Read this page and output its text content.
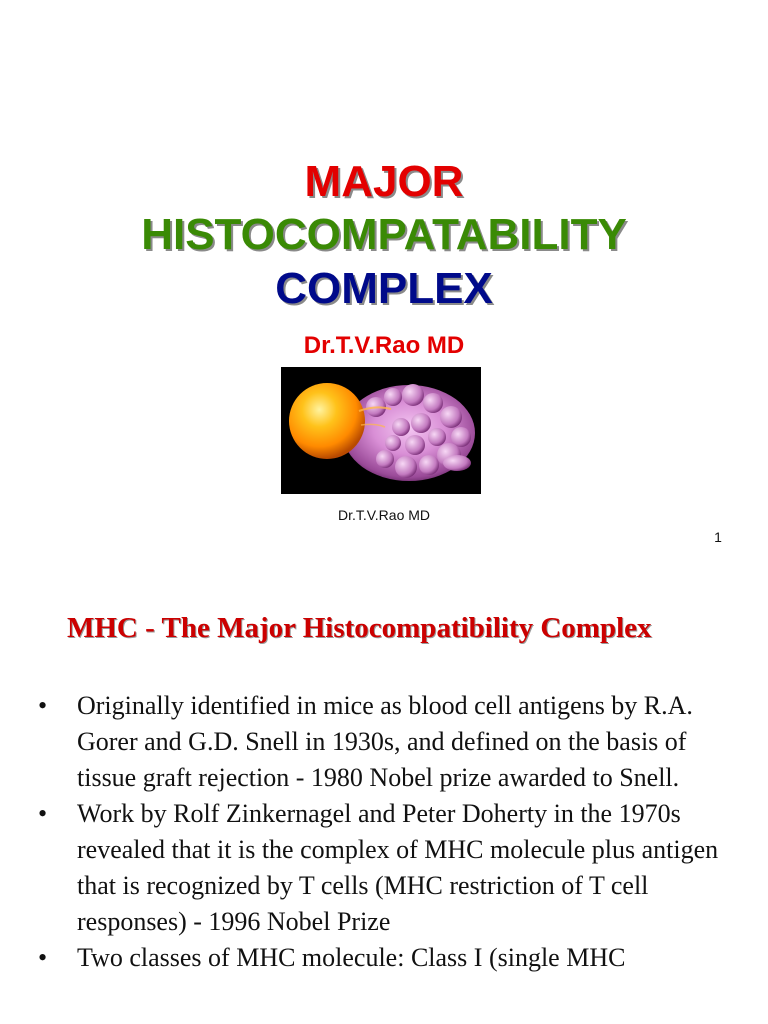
MAJOR
HISTOCOMPATABILITY
COMPLEX
Dr.T.V.Rao MD
Dr.T.V.Rao MD
1
MHC - The Major Histocompatibility Complex
• Originally identified in mice as blood cell antigens by R.A. Gorer and G.D. Snell in 1930s, and defined on the basis of tissue graft rejection - 1980 Nobel prize awarded to Snell.
• Work by Rolf Zinkernagel and Peter Doherty in the 1970s revealed that it is the complex of MHC molecule plus antigen that is recognized by T cells (MHC restriction of T cell responses) - 1996 Nobel Prize
• Two classes of MHC molecule: Class I (single MHC
